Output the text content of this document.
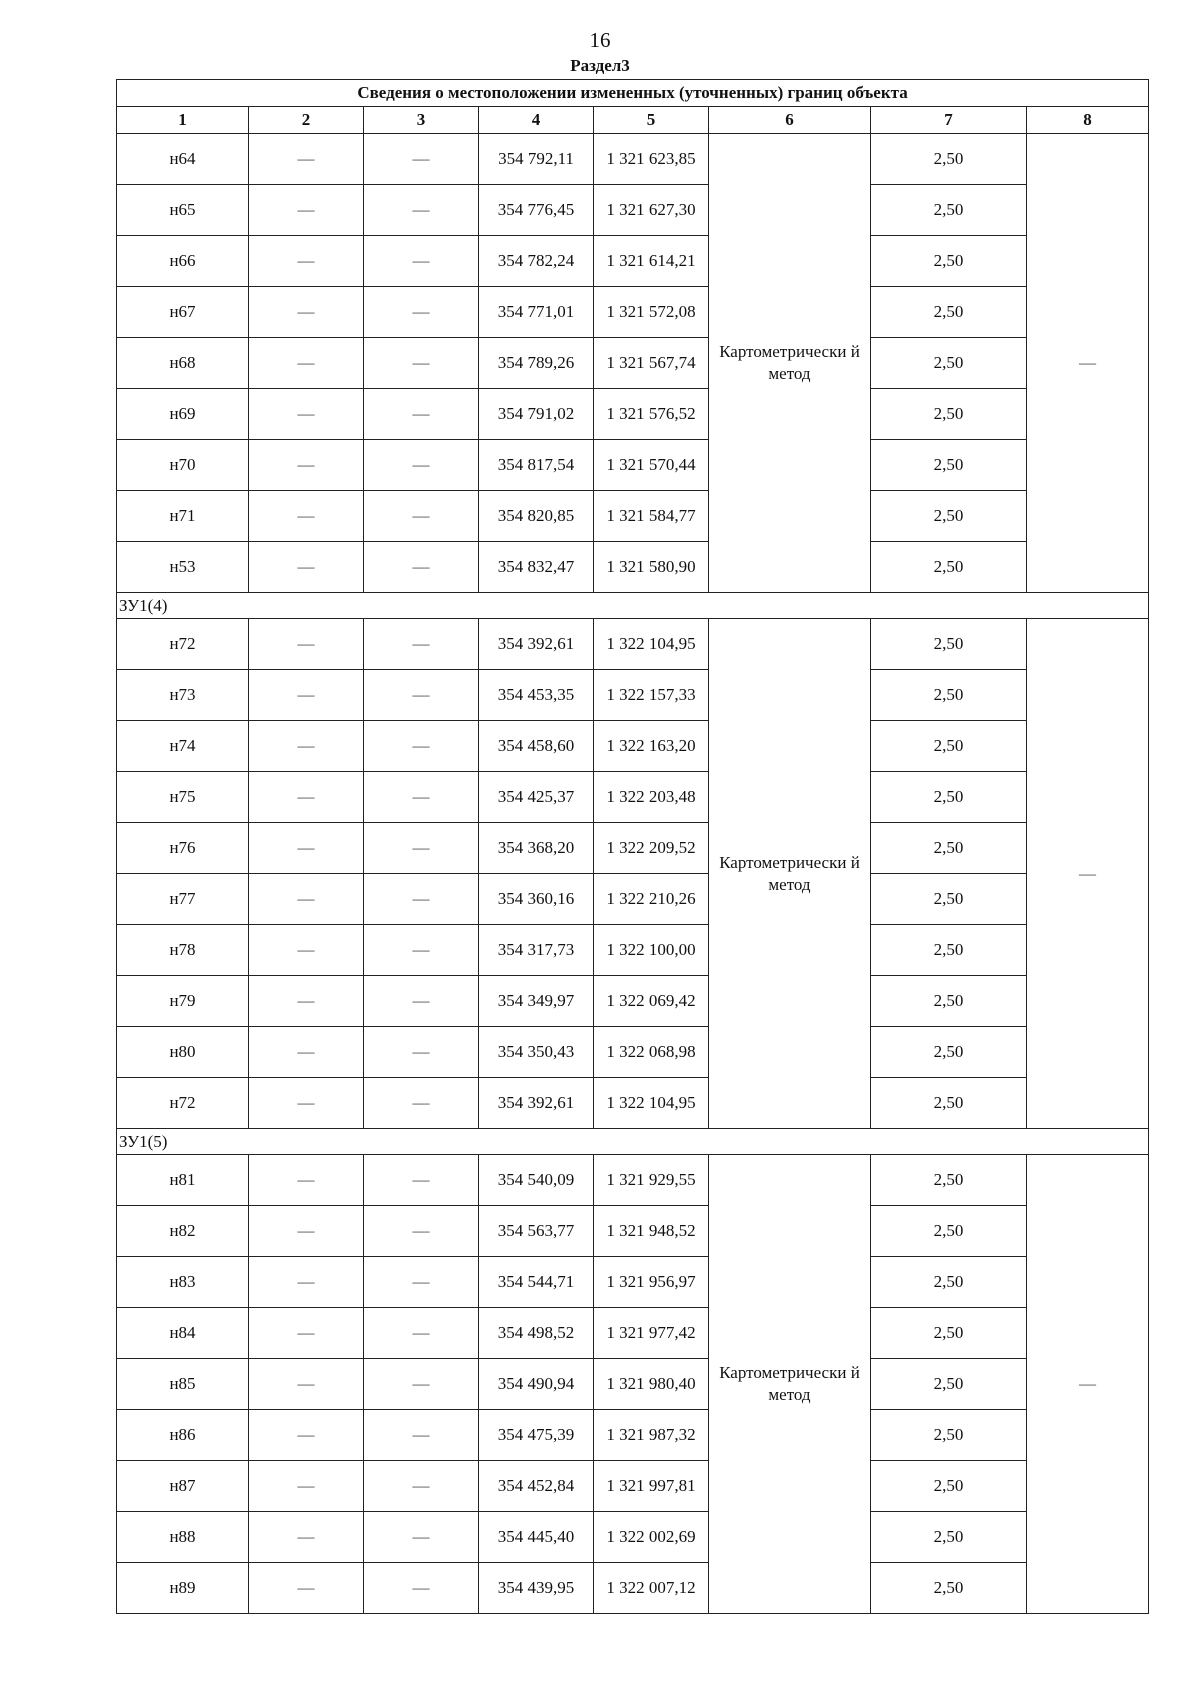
16
Раздел3
Сведения о местоположении измененных (уточненных) границ объекта							
1	2	3	4	5	6	7	8
н64	—	—	354 792,11	1 321 623,85	Картометрически й метод	2,50	—
н65	—	—	354 776,45	1 321 627,30		2,50	
н66	—	—	354 782,24	1 321 614,21		2,50	
н67	—	—	354 771,01	1 321 572,08		2,50	
н68	—	—	354 789,26	1 321 567,74		2,50	
н69	—	—	354 791,02	1 321 576,52		2,50	
н70	—	—	354 817,54	1 321 570,44		2,50	
н71	—	—	354 820,85	1 321 584,77		2,50	
н53	—	—	354 832,47	1 321 580,90		2,50	
ЗУ1(4)							
н72	—	—	354 392,61	1 322 104,95	Картометрически й метод	2,50	—
н73	—	—	354 453,35	1 322 157,33		2,50	
н74	—	—	354 458,60	1 322 163,20		2,50	
н75	—	—	354 425,37	1 322 203,48		2,50	
н76	—	—	354 368,20	1 322 209,52		2,50	
н77	—	—	354 360,16	1 322 210,26		2,50	
н78	—	—	354 317,73	1 322 100,00		2,50	
н79	—	—	354 349,97	1 322 069,42		2,50	
н80	—	—	354 350,43	1 322 068,98		2,50	
н72	—	—	354 392,61	1 322 104,95		2,50	
ЗУ1(5)							
н81	—	—	354 540,09	1 321 929,55	Картометрически й метод	2,50	—
н82	—	—	354 563,77	1 321 948,52		2,50	
н83	—	—	354 544,71	1 321 956,97		2,50	
н84	—	—	354 498,52	1 321 977,42		2,50	
н85	—	—	354 490,94	1 321 980,40		2,50	
н86	—	—	354 475,39	1 321 987,32		2,50	
н87	—	—	354 452,84	1 321 997,81		2,50	
н88	—	—	354 445,40	1 322 002,69		2,50	
н89	—	—	354 439,95	1 322 007,12		2,50	
